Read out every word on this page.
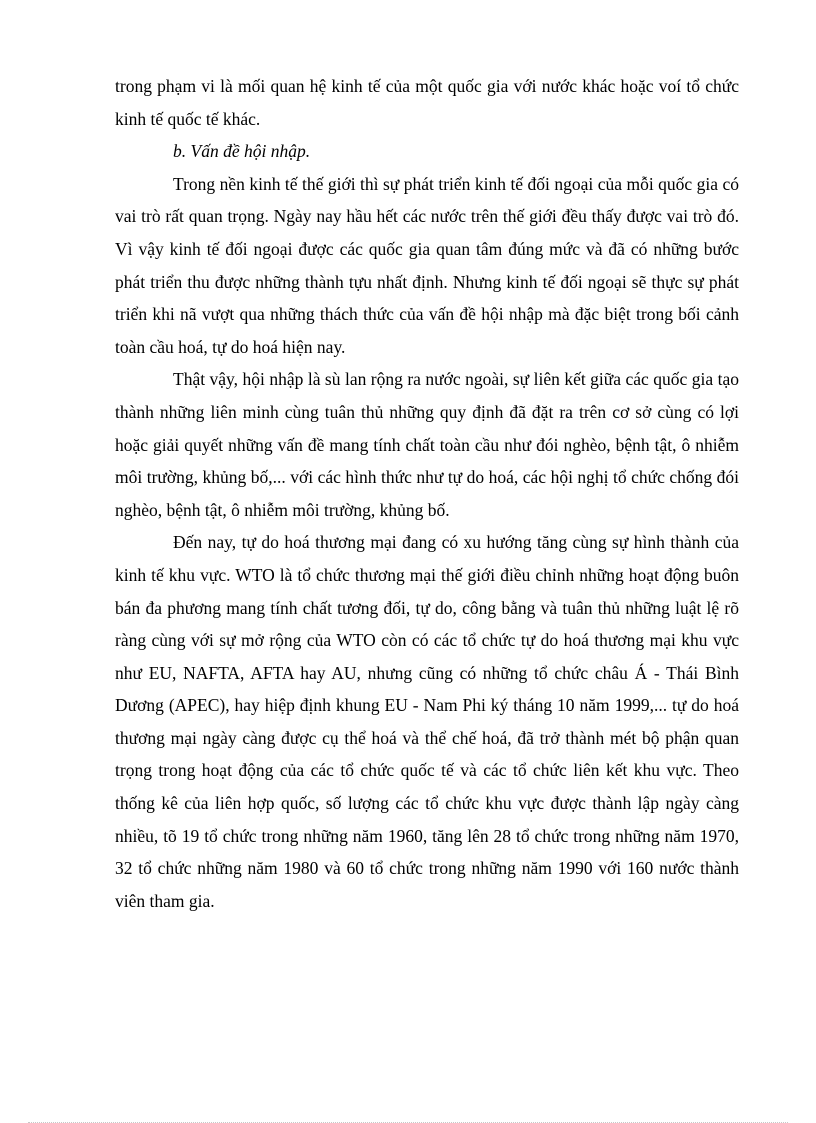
trong phạm vi là mối quan hệ kinh tế của một quốc gia với nước khác hoặc voí tổ chức kinh tế quốc tế khác.

b. Vấn đề hội nhập.

Trong nền kinh tế thế giới thì sự phát triển kinh tế đối ngoại của mỗi quốc gia có vai trò rất quan trọng. Ngày nay hầu hết các nước trên thế giới đều thấy được vai trò đó. Vì vậy kinh tế đối ngoại được các quốc gia quan tâm đúng mức và đã có những bước phát triển thu được những thành tựu nhất định. Nhưng kinh tế đối ngoại sẽ thực sự phát triển khi nã vượt qua những thách thức của vấn đề hội nhập mà đặc biệt trong bối cảnh toàn cầu hoá, tự do hoá hiện nay.

Thật vậy, hội nhập là sù lan rộng ra nước ngoài, sự liên kết giữa các quốc gia tạo thành những liên minh cùng tuân thủ những quy định đã đặt ra trên cơ sở cùng có lợi hoặc giải quyết những vấn đề mang tính chất toàn cầu như đói nghèo, bệnh tật, ô nhiễm môi trường, khủng bố,... với các hình thức như tự do hoá, các hội nghị tổ chức chống đói nghèo, bệnh tật, ô nhiễm môi trường, khủng bố.

Đến nay, tự do hoá thương mại đang có xu hướng tăng cùng sự hình thành của kinh tế khu vực. WTO là tổ chức thương mại thế giới điều chỉnh những hoạt động buôn bán đa phương mang tính chất tương đối, tự do, công bằng và tuân thủ những luật lệ rõ ràng cùng với sự mở rộng của WTO còn có các tổ chức tự do hoá thương mại khu vực như EU, NAFTA, AFTA hay AU, nhưng cũng có những tổ chức châu Á - Thái Bình Dương (APEC), hay hiệp định khung EU - Nam Phi ký tháng 10 năm 1999,... tự do hoá thương mại ngày càng được cụ thể hoá và thể chế hoá, đã trở thành mét bộ phận quan trọng trong hoạt động của các tổ chức quốc tế và các tổ chức liên kết khu vực. Theo thống kê của liên hợp quốc, số lượng các tổ chức khu vực được thành lập ngày càng nhiều, tõ 19 tổ chức trong những năm 1960, tăng lên 28 tổ chức trong những năm 1970, 32 tổ chức những năm 1980 và 60 tổ chức trong những năm 1990 với 160 nước thành viên tham gia.
